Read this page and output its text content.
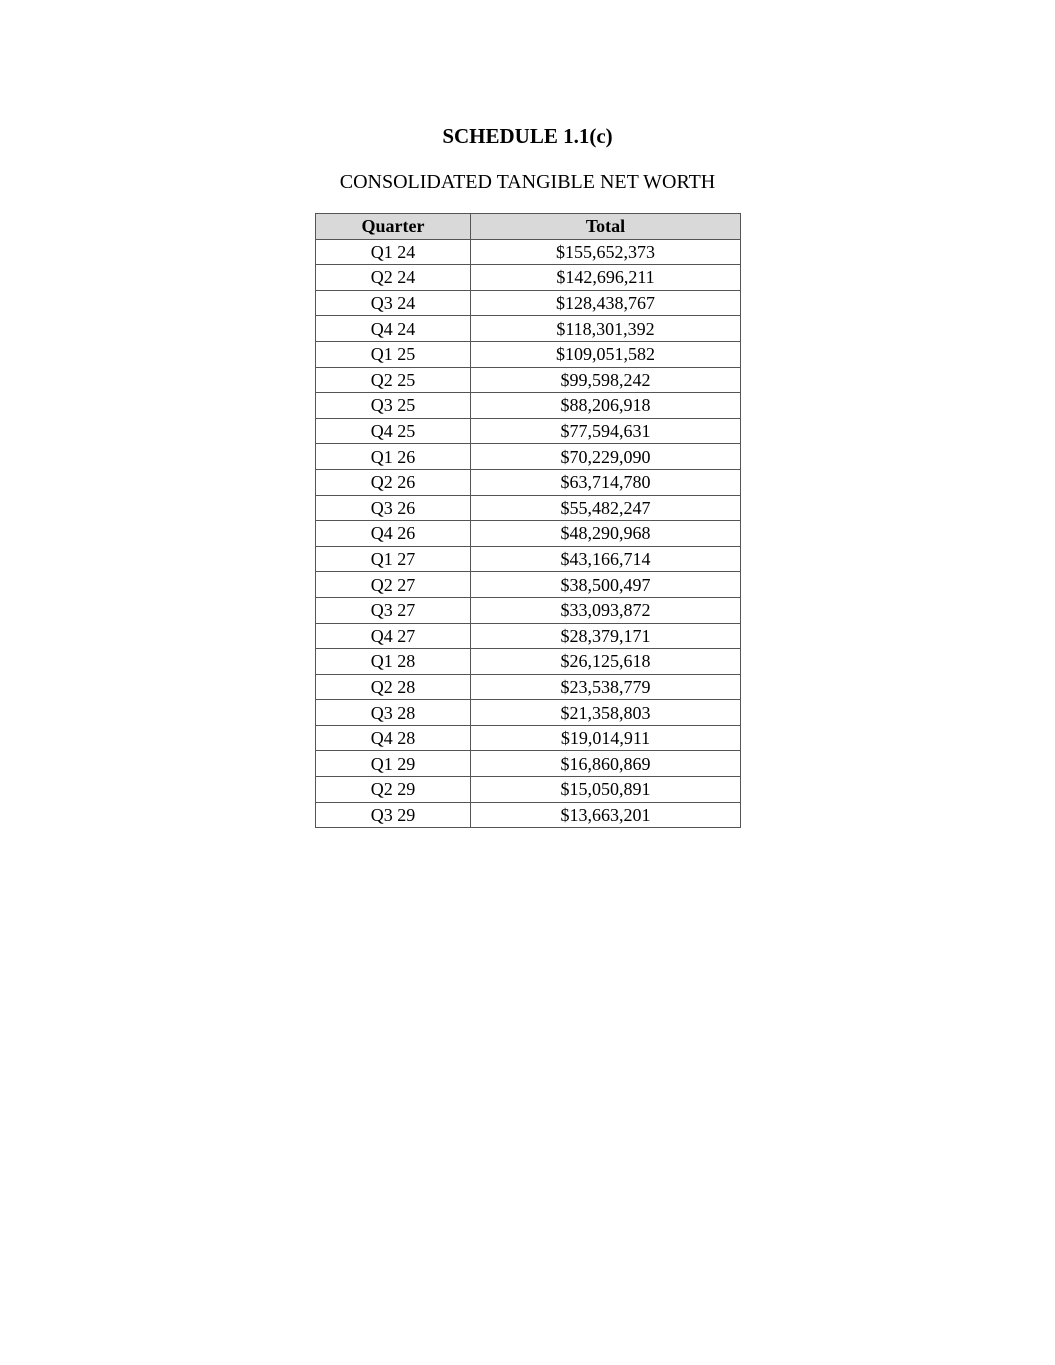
SCHEDULE 1.1(c)
CONSOLIDATED TANGIBLE NET WORTH
Quarter	Total
Q1 24	$155,652,373
Q2 24	$142,696,211
Q3 24	$128,438,767
Q4 24	$118,301,392
Q1 25	$109,051,582
Q2 25	$99,598,242
Q3 25	$88,206,918
Q4 25	$77,594,631
Q1 26	$70,229,090
Q2 26	$63,714,780
Q3 26	$55,482,247
Q4 26	$48,290,968
Q1 27	$43,166,714
Q2 27	$38,500,497
Q3 27	$33,093,872
Q4 27	$28,379,171
Q1 28	$26,125,618
Q2 28	$23,538,779
Q3 28	$21,358,803
Q4 28	$19,014,911
Q1 29	$16,860,869
Q2 29	$15,050,891
Q3 29	$13,663,201
